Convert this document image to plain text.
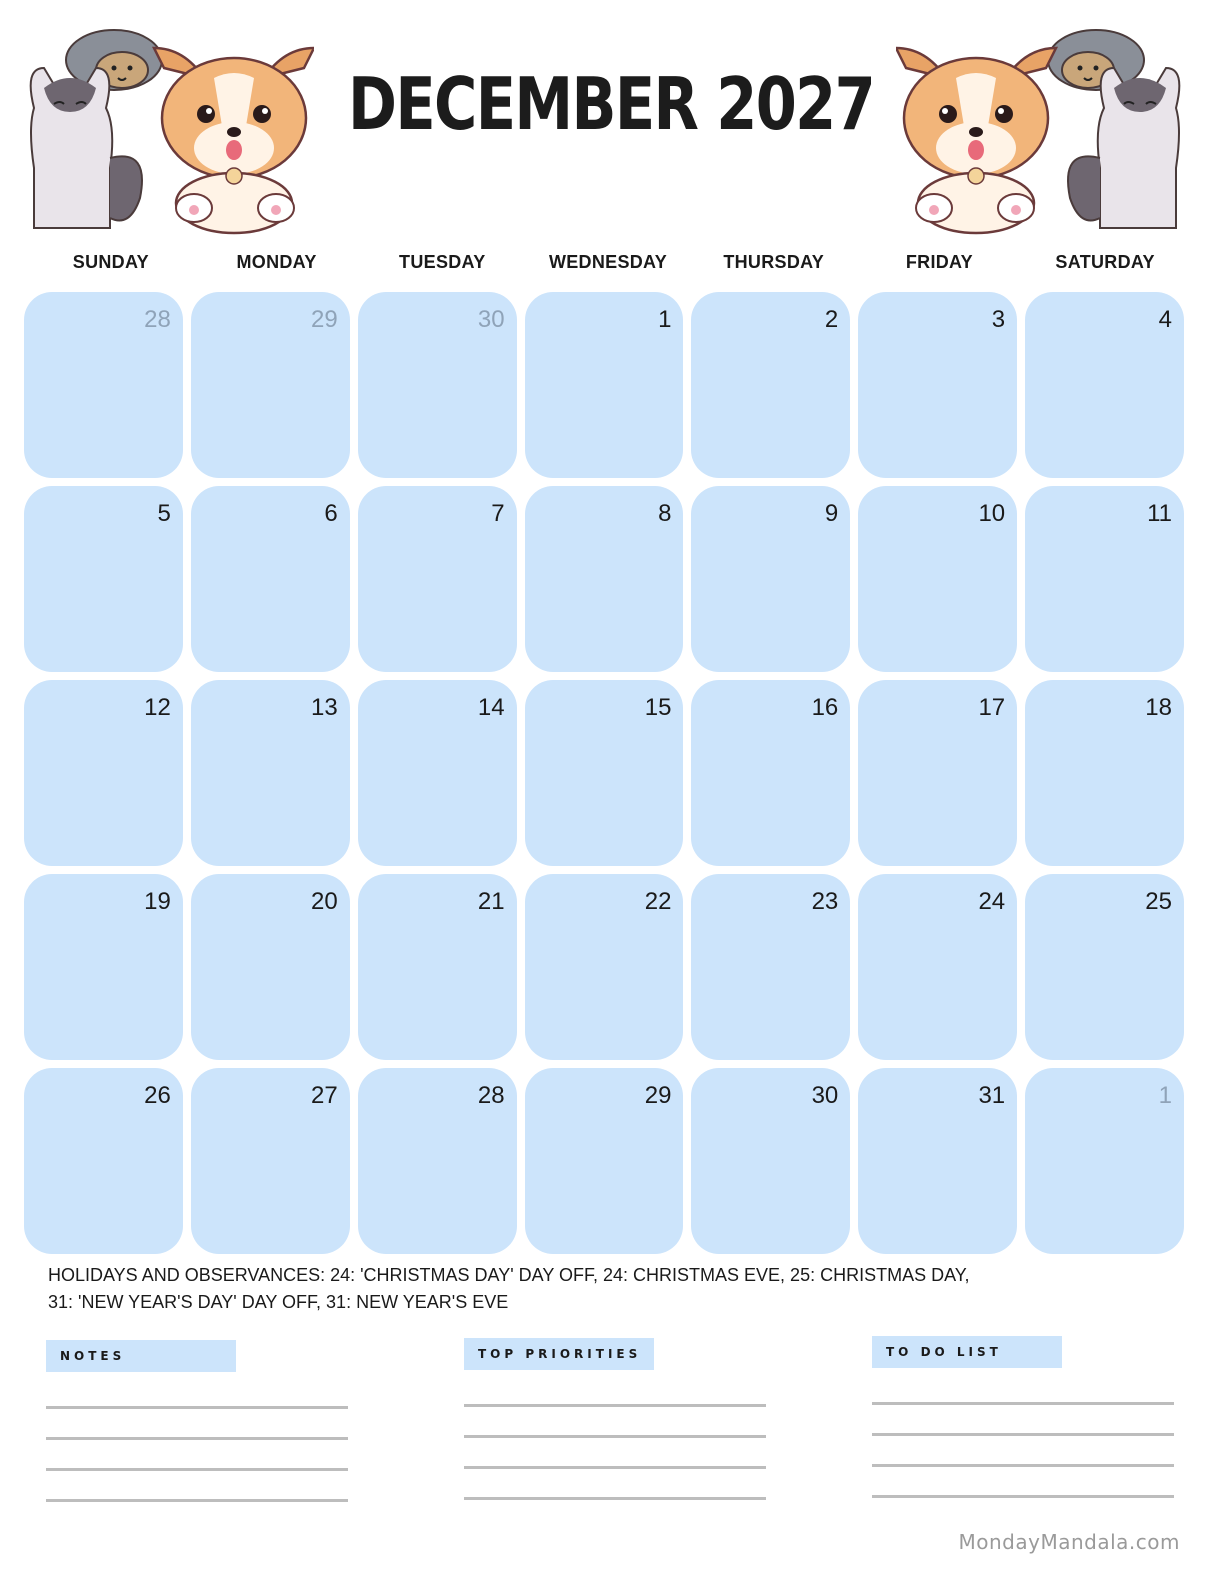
DECEMBER 2027
SUNDAY	MONDAY	TUESDAY	WEDNESDAY	THURSDAY	FRIDAY	SATURDAY
28	29	30	1	2	3	4
5	6	7	8	9	10	11
12	13	14	15	16	17	18
19	20	21	22	23	24	25
26	27	28	29	30	31	1
HOLIDAYS AND OBSERVANCES: 24: 'CHRISTMAS DAY' DAY OFF, 24: CHRISTMAS EVE, 25: CHRISTMAS DAY,
31: 'NEW YEAR'S DAY' DAY OFF, 31: NEW YEAR'S EVE
NOTES	TOP PRIORITIES	TO DO LIST
MondayMandala.com
